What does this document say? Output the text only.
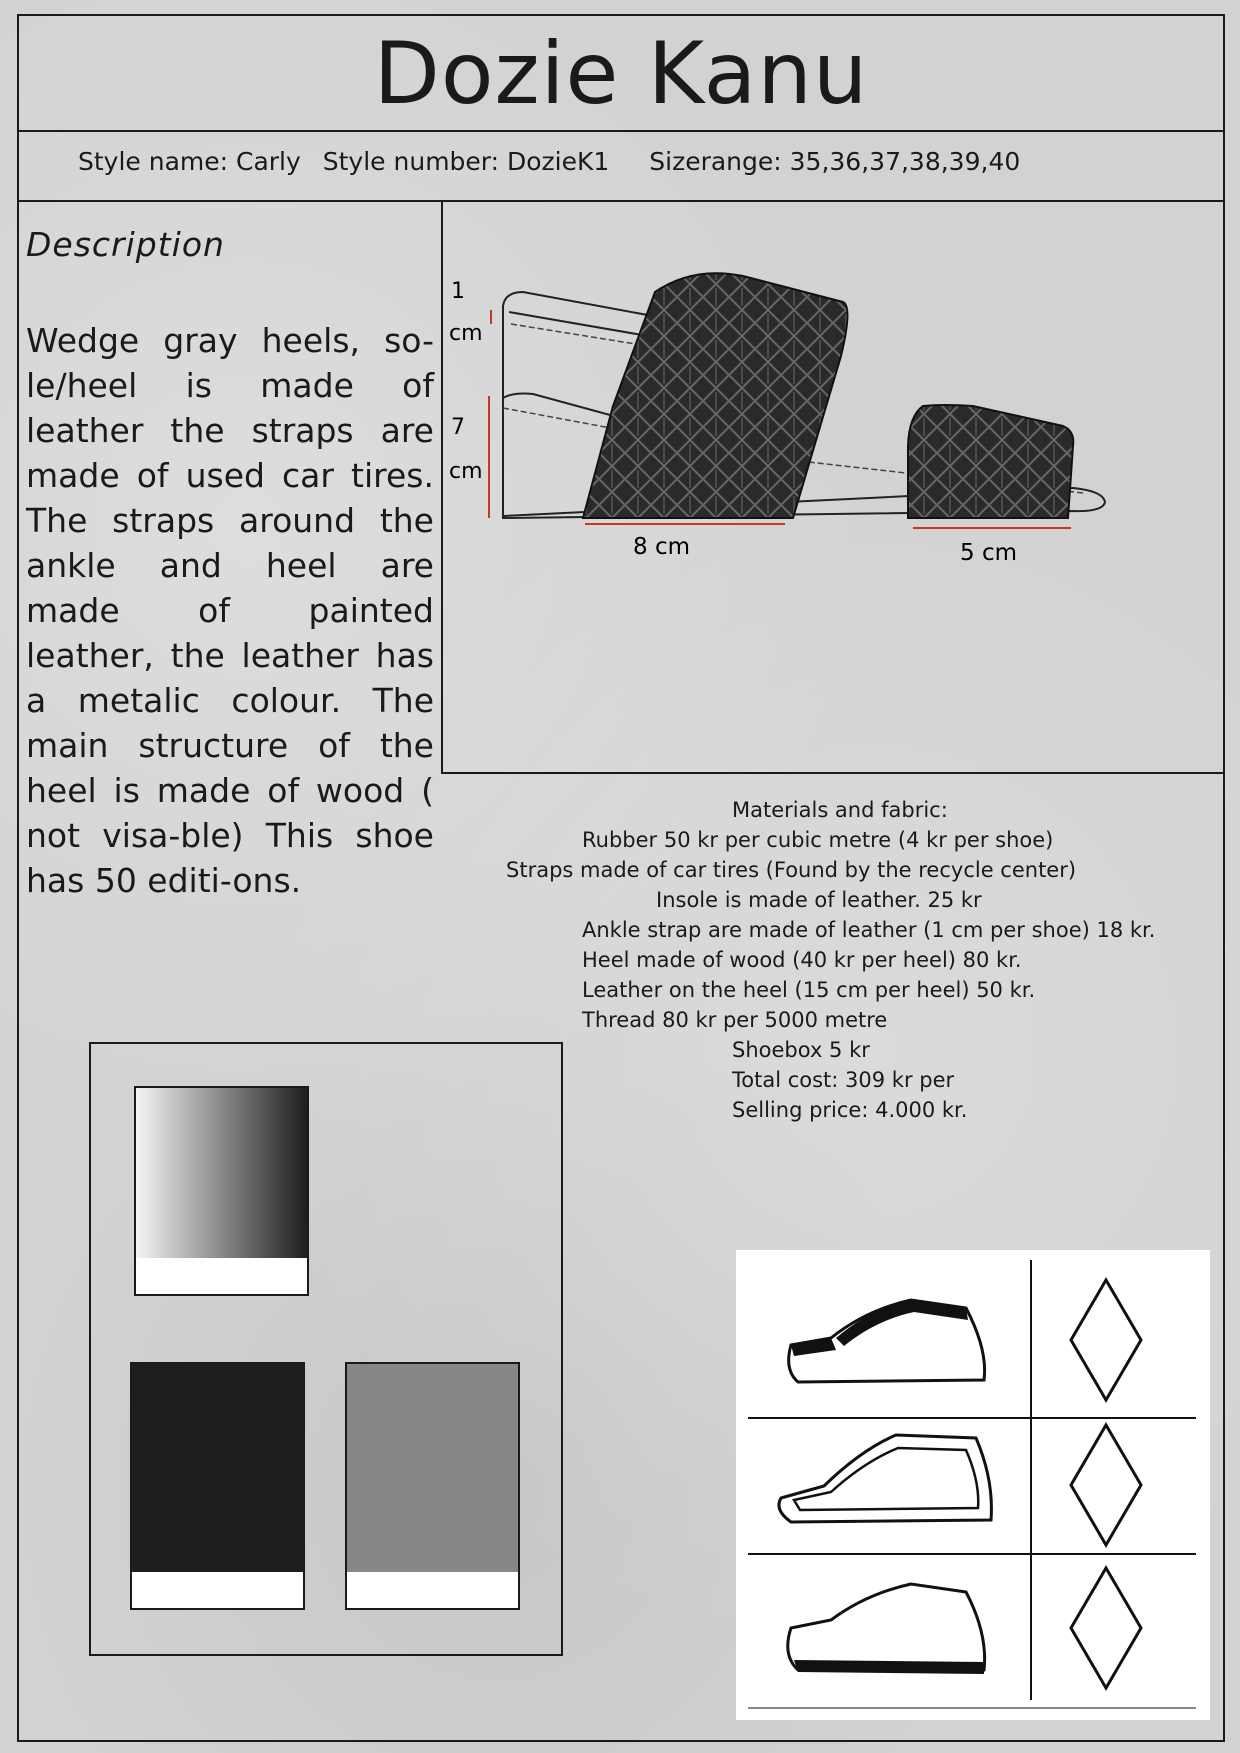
Dozie Kanu
Style name: Carly Style number: DozieK1 Sizerange: 35,36,37,38,39,40
Description
Wedge gray heels, so-le/heel is made of leather the straps are made of used car tires. The straps around the ankle and heel are made of painted leather, the leather has a metalic colour. The main structure of the heel is made of wood ( not visa-ble) This shoe has 50 editi-ons.
1
cm
7
cm
8 cm	5 cm
Materials and fabric:
Rubber 50 kr per cubic metre (4 kr per shoe)
Straps made of car tires (Found by the recycle center)
Insole is made of leather. 25 kr
Ankle strap are made of leather (1 cm per shoe) 18 kr.
Heel made of wood (40 kr per heel) 80 kr.
Leather on the heel (15 cm per heel) 50 kr.
Thread 80 kr per 5000 metre
Shoebox 5 kr
Total cost: 309 kr per
Selling price: 4.000 kr.
